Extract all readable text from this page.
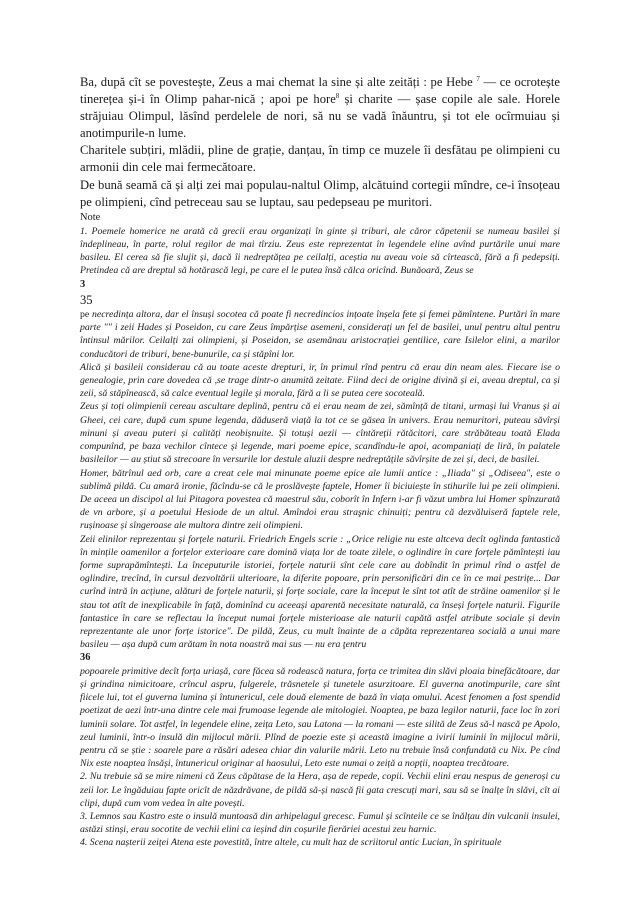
Ba, după cît se povestește, Zeus a mai chemat la sine și alte zeități : pe Hebe $^7$ — ce ocrotește tinerețea și-i în Olimp pahar-nică ; apoi pe hore$^8$ și charite — șase copile ale sale. Horele străjuiau Olimpul, lăsînd perdelele de nori, să nu se vadă înăuntru, și tot ele ocîrmuiau și anotimpurile-n lume.

Charitele subțiri, mlădii, pline de grație, danțau, în timp ce muzele îi desfătau pe olimpieni cu armonii din cele mai fermecătoare.

De bună seamă că și alți zei mai populau-naltul Olimp, alcătuind cortegii mîndre, ce-i însoțeau pe olimpieni, cînd petreceau sau se luptau, sau pedepseau pe muritori.

Note

1. Poemele homerice ne arată că grecii erau organizați în ginte și triburi, ale căror căpetenii se numeau basilei și îndeplineau, în parte, rolul regilor de mai tîrziu. Zeus este reprezentat în legendele eline avînd purtările unui mare basileu. El cerea să fie slujit și, dacă îi nedreptățea pe ceilalți, aceștia nu aveau voie să cîrtească, fără a fi pedepsiți. Pretindea că are dreptul să hotărască legi, pe care el le putea însă călca oricînd. Bunăoară, Zeus se

3

35

pe necredința altora, dar el însuși socotea că poate fi necredincios ințoate înșela fete și femei pămîntene. Purtări în mare parte "" i zeii Hades și Poseidon, cu care Zeus împărțise asemeni, considerați un fel de basilei, unul pentru altul pentru întinsul mărilor. Ceilalți zai olimpieni, și Poseidon, se asemănau aristocrației gentilice, care Isilelor elini, a marilor conducători de triburi, bene-bunurile, ca și stăpîni lor.
Alică și basileii considerau că au toate aceste drepturi, ir, în primul rînd pentru că erau din neam ales. Fiecare ise o genealogie, prin care dovedea că ,se trage dintr-o anumită zeitate. Fiind deci de origine divină și ei, aveau dreptul, ca și zeii, să stăpînească, să calce eventual legile și morala, fără a li se putea cere socoteală.
Zeus și toți olimpienii cereau ascultare deplină, pentru că ei erau neam de zei, sămînță de titani, urmași lui Vranus și ai Gheei, cei care, după cum spune legenda, dăduseră viață la tot ce se găsea în univers. Erau nemuritori, puteau săvîrși minuni și aveau puteri și calități neobișnuite. Și totuși aezii — cîntăreții rătăcitori, care străbăteau toată Elada compunînd, pe baza vechilor cîntece și legende, mari poeme epice, scandîndu-le apoi, acompaniați de liră, în palatele basileilor — au știut să strecoare în versurile lor destule aluzii despre nedreptățile săvîrșite de zei și, deci, de basilei.
Homer, bătrînul aed orb, care a creat cele mai minunate poeme epice ale lumii antice : „Iliada" și „Odiseea", este o sublimă pildă. Cu amară ironie, făcîndu-se că le proslăvește faptele, Homer îi biciuiește în stihurile lui pe zeii olimpieni. De aceea un discipol al lui Pitagora povestea că maestrul său, coborît în Infern i-ar fi văzut umbra lui Homer spînzurată de vn arbore, și a poetului Hesiode de un altul. Amîndoi erau straşnic chinuiți; pentru că dezvăluiseră faptele rele, rușinoase și sîngeroase ale multora dintre zeii olimpieni.
Zeii elinilor reprezentau și forțele naturii. Friedrich Engels scrie : „Orice religie nu este altceva decît oglinda fantastică în mințile oamenilor a forțelor exterioare care domină viața lor de toate zilele, o oglindire în care forțele pămîntești iau forme suprapămîntești. La începuturile istoriei, forțele naturii sînt cele care au dobîndit în primul rînd o astfel de oglindire, trecînd, în cursul dezvoltării ulterioare, la diferite popoare, prin personificări din ce în ce mai pestrițe... Dar curînd intră în acțiune, alături de forțele naturii, și forțe sociale, care la început le sînt tot atît de străine oamenilor și le stau tot atît de inexplicabile în față, dominînd cu aceeași aparentă necesitate naturală, ca înseși forțele naturii. Figurile fantastice în care se reflectau la început numai forțele misterioase ale naturii capătă astfel atribute sociale și devin reprezentante ale unor forțe istorice". De pildă, Zeus, cu mult înainte de a căpăta reprezentarea socială a unui mare basileu — așa după cum arătam în nota noastră mai sus — nu era ţentru

36

popoarele primitive decît forța uriașă, care făcea să rodească natura, forța ce trimitea din slăvi ploaia binefăcătoare, dar și grindina nimicitoare, crîncul aspru, fulgerele, trăsnetele și tunetele asurzitoare. El guverna anotimpurile, care sînt fiicele lui, tot el guverna lumina și întunericul, cele două elemente de bază în viața omului. Acest fenomen a fost spendid poetizat de aezi într-una dintre cele mai frumoase legende ale mitologiei. Noaptea, pe baza legilor naturii, face loc în zori luminii solare. Tot astfel, în legendele eline, zeița Leto, sau Latona — la romani — este silită de Zeus să-l nască pe Apolo, zeul luminii, într-o insulă din mijlocul mării. Plînd de poezie este și această imagine a ivirii luminii în mijlocul mării, pentru că se știe : soarele pare a răsări adesea chiar din valurile mării. Leto nu trebuie însă confundată cu Nix. Pe cînd Nix este noaptea însăși, întunericul originar al haosului, Leto este numai o zeiță a nopții, noaptea trecătoare.
2. Nu trebuie să se mire nimeni că Zeus căpătase de la Hera, așa de repede, copii. Vechii elini erau nespus de generoși cu zeii lor. Le îngăduiau fapte oricît de năzdrăvane, de pildă să-și nască fii gata crescuți mari, sau să se înalțe în slăvi, cît ai clipi, după cum vom vedea în alte povești.
3. Lemnos sau Kastro este o insulă muntoasă din arhipelagul grecesc. Fumul și scînteile ce se înălțau din vulcanii insulei, astăzi stinși, erau socotite de vechii elini ca ieșind din coșurile fierăriei acestui zeu harnic.
4. Scena nașterii zeiței Atena este povestită, între altele, cu mult haz de scriitorul antic Lucian, în spirituale
